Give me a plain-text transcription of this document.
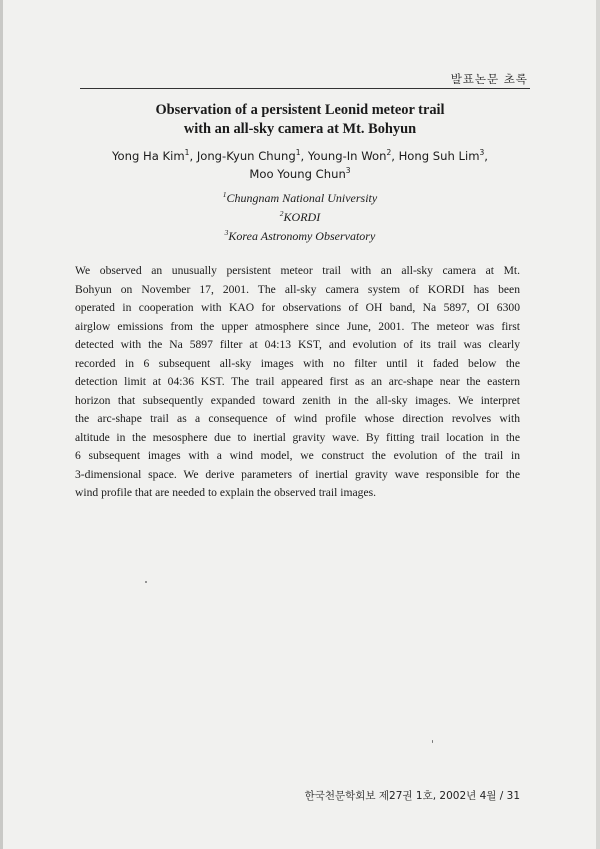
발표논문 초록
Observation of a persistent Leonid meteor trail
with an all-sky camera at Mt. Bohyun
Yong Ha Kim$^1$, Jong-Kyun Chung$^1$, Young-In Won$^2$, Hong Suh Lim$^3$,
Moo Young Chun$^3$
$^1$Chungnam National University
$^2$KORDI
$^3$Korea Astronomy Observatory
We observed an unusually persistent meteor trail with an all-sky camera at Mt.
Bohyun on November 17, 2001. The all-sky camera system of KORDI has been
operated in cooperation with KAO for observations of OH band, Na 5897, OI 6300
airglow emissions from the upper atmosphere since June, 2001. The meteor was first
detected with the Na 5897 filter at 04:13 KST, and evolution of its trail was clearly
recorded in 6 subsequent all-sky images with no filter until it faded below the
detection limit at 04:36 KST. The trail appeared first as an arc-shape near the eastern
horizon that subsequently expanded toward zenith in the all-sky images. We interpret
the arc-shape trail as a consequence of wind profile whose direction revolves with
altitude in the mesosphere due to inertial gravity wave. By fitting trail location in the
6 subsequent images with a wind model, we construct the evolution of the trail in
3-dimensional space. We derive parameters of inertial gravity wave responsible for the
wind profile that are needed to explain the observed trail images.
한국천문학회보 제27권 1호, 2002년 4월 / 31
